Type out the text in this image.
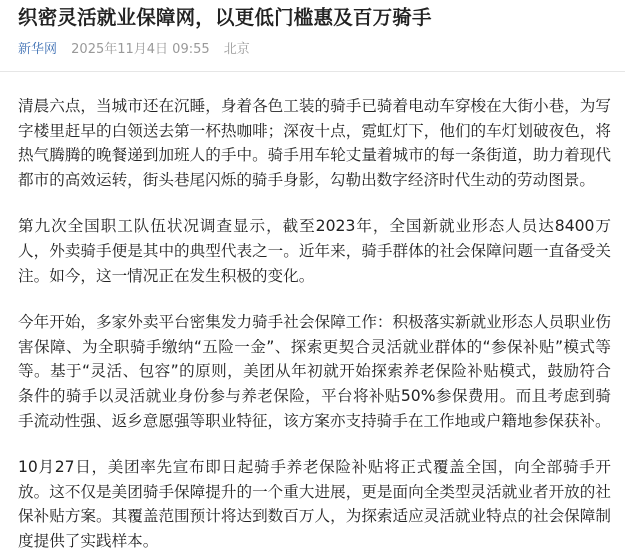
织密灵活就业保障网，以更低门槛惠及百万骑手
新华网 2025年11月4日 09:55 北京

清晨六点，当城市还在沉睡，身着各色工装的骑手已骑着电动车穿梭在大街小巷，为写字楼里赶早的白领送去第一杯热咖啡；深夜十点，霓虹灯下，他们的车灯划破夜色，将热气腾腾的晚餐递到加班人的手中。骑手用车轮丈量着城市的每一条街道，助力着现代都市的高效运转，街头巷尾闪烁的骑手身影，勾勒出数字经济时代生动的劳动图景。

第九次全国职工队伍状况调查显示，截至2023年，全国新就业形态人员达8400万人，外卖骑手便是其中的典型代表之一。近年来，骑手群体的社会保障问题一直备受关注。如今，这一情况正在发生积极的变化。

今年开始，多家外卖平台密集发力骑手社会保障工作：积极落实新就业形态人员职业伤害保障、为全职骑手缴纳“五险一金”、探索更契合灵活就业群体的“参保补贴”模式等等。基于“灵活、包容”的原则，美团从年初就开始探索养老保险补贴模式，鼓励符合条件的骑手以灵活就业身份参与养老保险，平台将补贴50%参保费用。而且考虑到骑手流动性强、返乡意愿强等职业特征，该方案亦支持骑手在工作地或户籍地参保获补。

10月27日，美团率先宣布即日起骑手养老保险补贴将正式覆盖全国，向全部骑手开放。这不仅是美团骑手保障提升的一个重大进展，更是面向全类型灵活就业者开放的社保补贴方案。其覆盖范围预计将达到数百万人，为探索适应灵活就业特点的社会保障制度提供了实践样本。
